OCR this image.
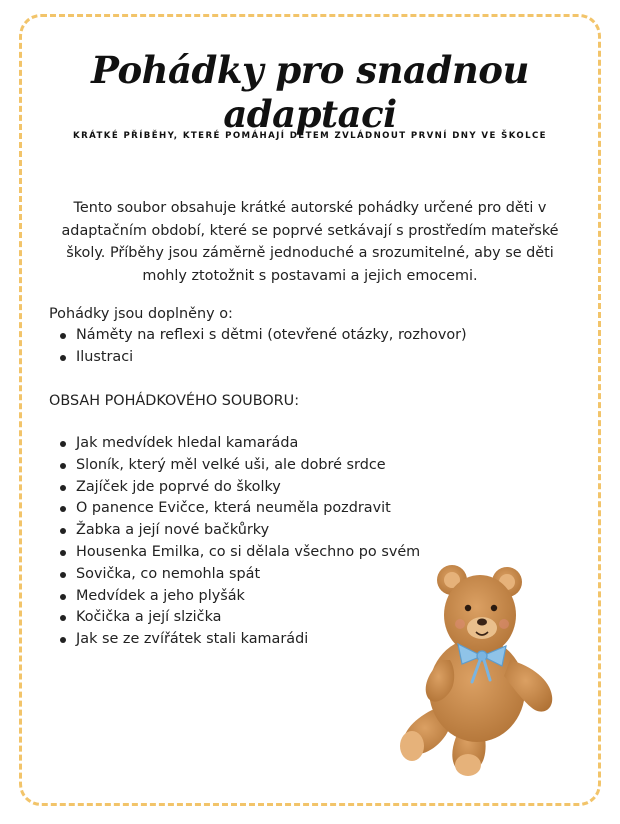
Pohádky pro snadnou adaptaci
KRÁTKÉ PŘÍBĚHY, KTERÉ POMÁHAJÍ DĚTEM ZVLÁDNOUT PRVNÍ DNY VE ŠKOLCE

Tento soubor obsahuje krátké autorské pohádky určené pro děti v adaptačním období, které se poprvé setkávají s prostředím mateřské školy. Příběhy jsou záměrně jednoduché a srozumitelné, aby se děti mohly ztotožnit s postavami a jejich emocemi.

Pohádky jsou doplněny o:

Náměty na reflexi s dětmi (otevřené otázky, rozhovor)
Ilustraci

OBSAH POHÁDKOVÉHO SOUBORU:

Jak medvídek hledal kamaráda
Sloník, který měl velké uši, ale dobré srdce
Zajíček jde poprvé do školky
O panence Evičce, která neuměla pozdravit
Žabka a její nové bačkůrky
Housenka Emilka, co si dělala všechno po svém
Sovička, co nemohla spát
Medvídek a jeho plyšák
Kočička a její slzička
Jak se ze zvířátek stali kamarádi
